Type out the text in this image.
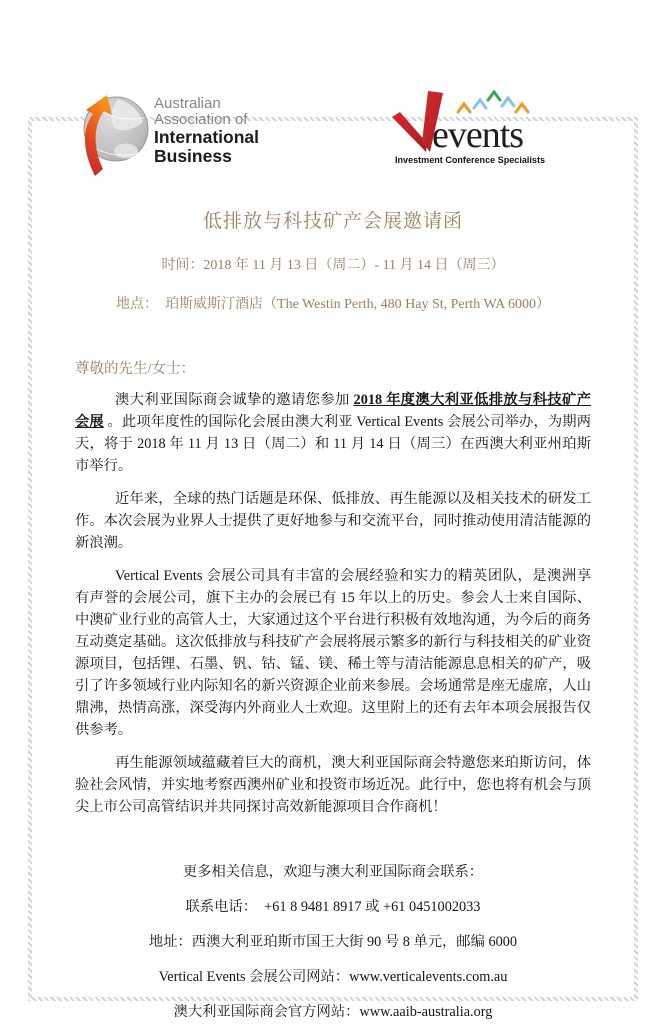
Australian
Association of
International
Business	events
Investment Conference Specialists
低排放与科技矿产会展邀请函

时间：2018 年 11 月 13 日（周二）- 11 月 14 日（周三）

地点：　珀斯威斯汀酒店（The Westin Perth, 480 Hay St, Perth WA 6000）

尊敬的先生/女士：

澳大利亚国际商会诚挚的邀请您参加 2018 年度澳大利亚低排放与科技矿产会展 。此项年度性的国际化会展由澳大利亚 Vertical Events 会展公司举办，为期两天，将于 2018 年 11 月 13 日（周二）和 11 月 14 日（周三）在西澳大利亚州珀斯市举行。

近年来，全球的热门话题是环保、低排放、再生能源以及相关技术的研发工作。本次会展为业界人士提供了更好地参与和交流平台，同时推动使用清洁能源的新浪潮。

Vertical Events 会展公司具有丰富的会展经验和实力的精英团队，是澳洲享有声誉的会展公司，旗下主办的会展已有 15 年以上的历史。参会人士来自国际、中澳矿业行业的高管人士，大家通过这个平台进行积极有效地沟通，为今后的商务互动奠定基础。这次低排放与科技矿产会展将展示繁多的新行与科技相关的矿业资源项目，包括锂、石墨、钒、钴、锰、镁、稀土等与清洁能源息息相关的矿产，吸引了许多领域行业内际知名的新兴资源企业前来参展。会场通常是座无虚席，人山鼎沸，热情高涨，深受海内外商业人士欢迎。这里附上的还有去年本项会展报告仅供参考。

再生能源领域蕴藏着巨大的商机，澳大利亚国际商会特邀您来珀斯访问，体验社会风情，并实地考察西澳州矿业和投资市场近况。此行中，您也将有机会与顶尖上市公司高管结识并共同探讨高效新能源项目合作商机！

更多相关信息，欢迎与澳大利亚国际商会联系：

联系电话：  +61 8 9481 8917 或 +61 0451002033

地址：西澳大利亚珀斯市国王大街 90 号 8 单元，邮编 6000

Vertical Events 会展公司网站：www.verticalevents.com.au

澳大利亚国际商会官方网站：www.aaib-australia.org
